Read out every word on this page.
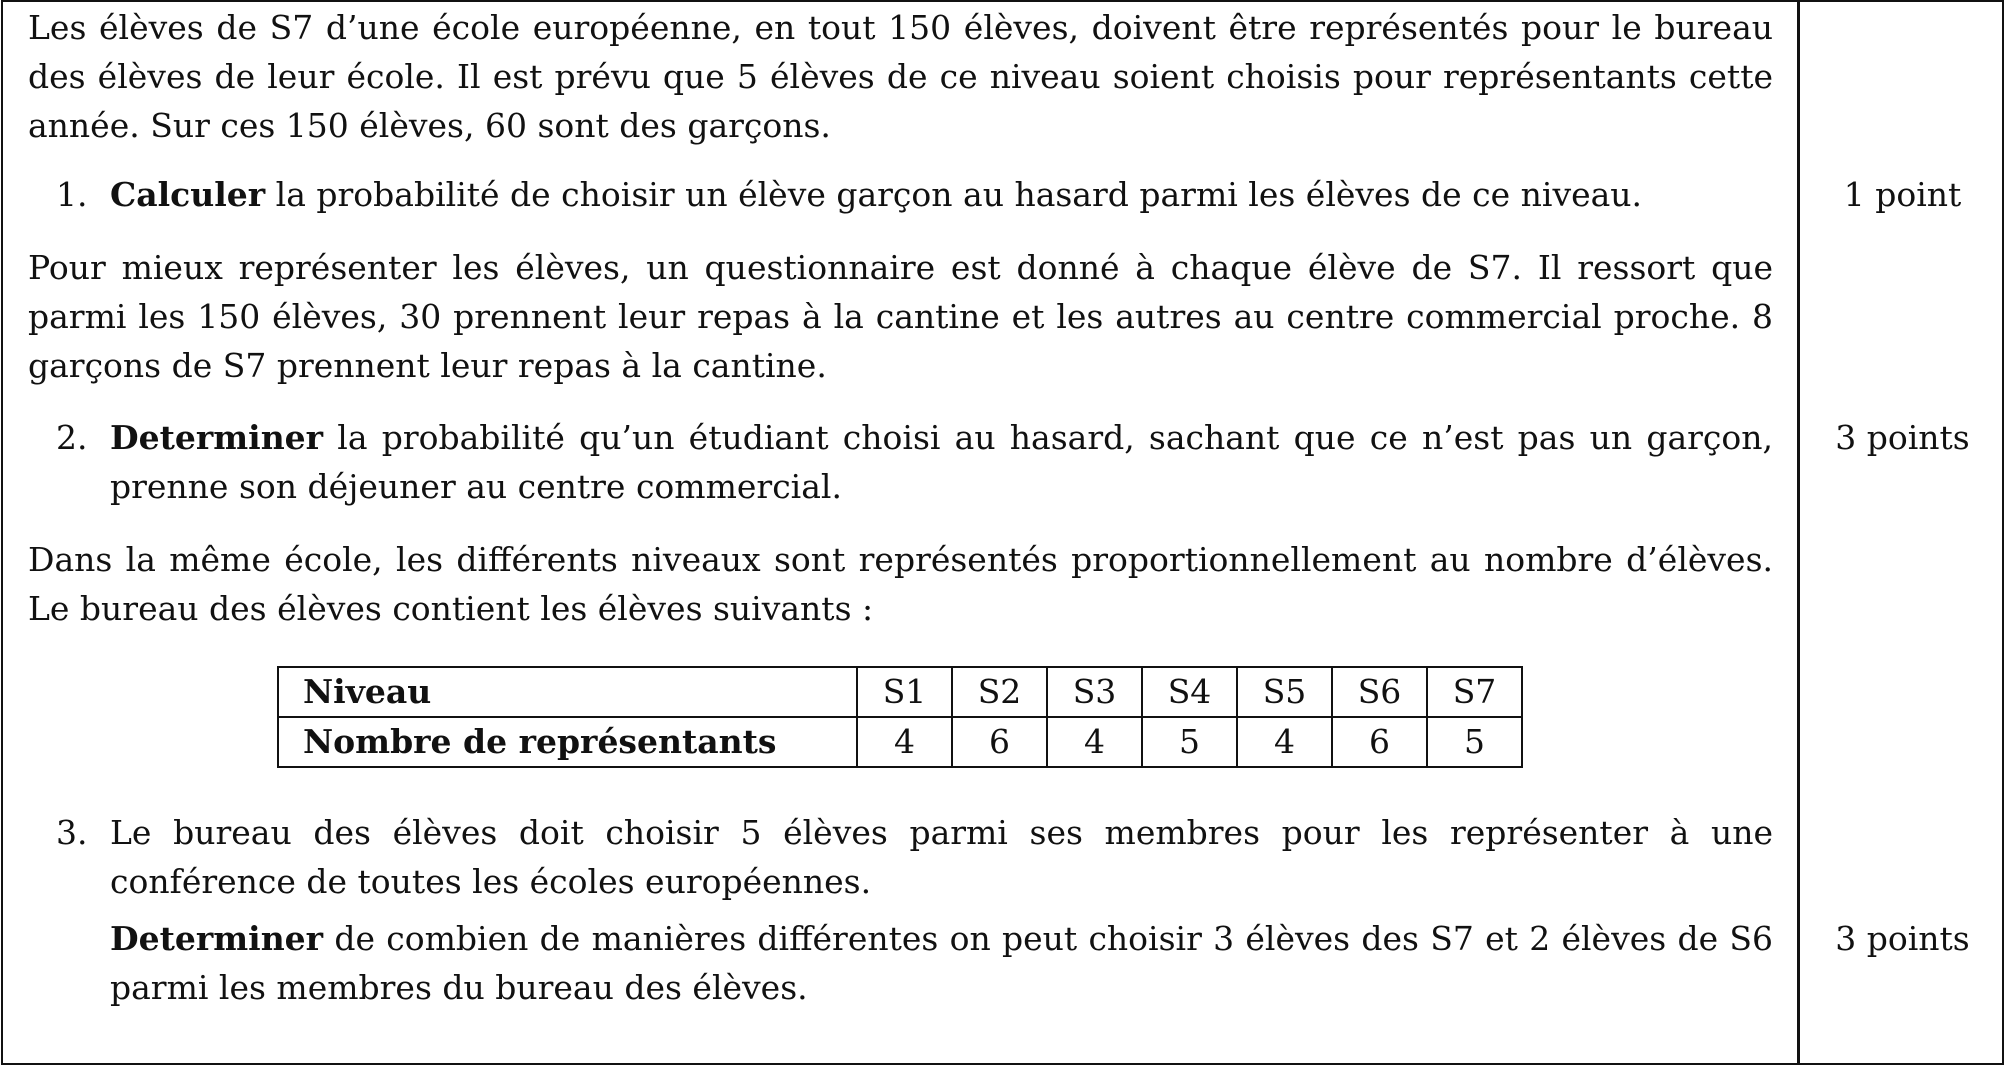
Les élèves de S7 d’une école européenne, en tout 150 élèves, doivent être représentés pour le bureau des élèves de leur école. Il est prévu que 5 élèves de ce niveau soient choisis pour représentants cette année. Sur ces 150 élèves, 60 sont des garçons.

1. Calculer la probabilité de choisir un élève garçon au hasard parmi les élèves de ce niveau.	1 point

Pour mieux représenter les élèves, un questionnaire est donné à chaque élève de S7. Il ressort que parmi les 150 élèves, 30 prennent leur repas à la cantine et les autres au centre commercial proche. 8 garçons de S7 prennent leur repas à la cantine.

2. Determiner la probabilité qu’un étudiant choisi au hasard, sachant que ce n’est pas un garçon, prenne son déjeuner au centre commercial.
3 points

Dans la même école, les différents niveaux sont représentés proportionnellement au nombre d’élèves. Le bureau des élèves contient les élèves suivants :

Niveau	S1	S2	S3	S4	S5	S6	S7
Nombre de représentants	4	6	4	5	4	6	5
3. Le bureau des élèves doit choisir 5 élèves parmi ses membres pour les représenter à une conférence de toutes les écoles européennes.
Determiner de combien de manières différentes on peut choisir 3 élèves des S7 et 2 élèves de S6 parmi les membres du bureau des élèves.
3 points
